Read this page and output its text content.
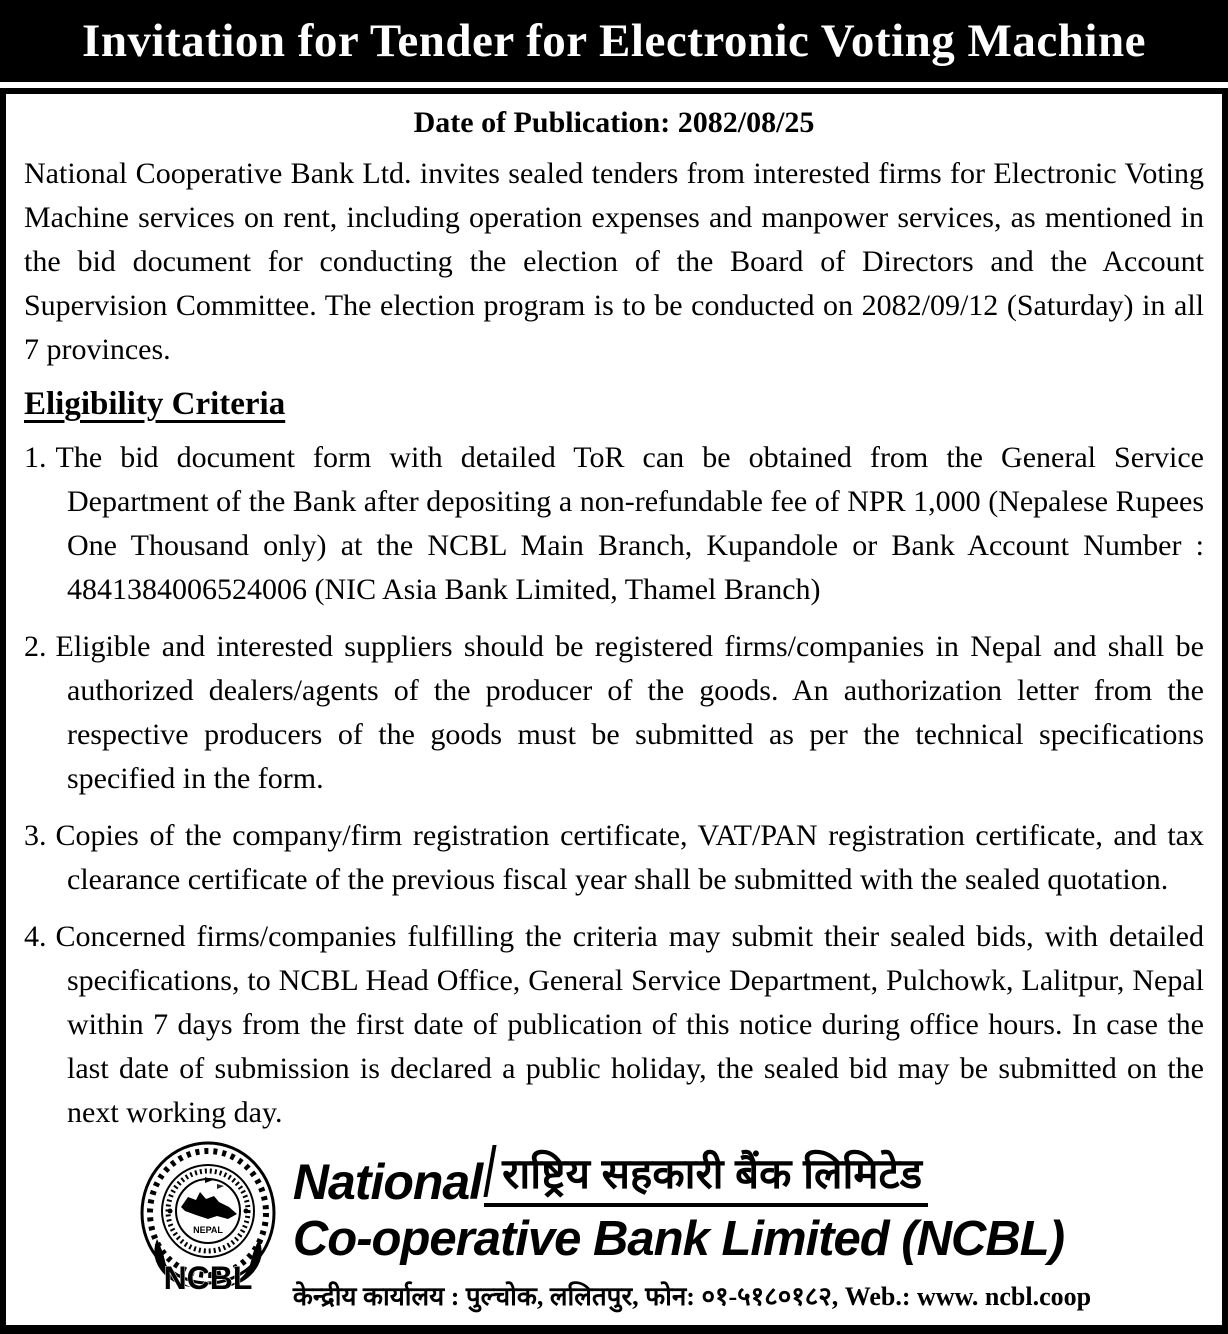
Invitation for Tender for Electronic Voting Machine

Date of Publication: 2082/08/25

National Cooperative Bank Ltd. invites sealed tenders from interested firms for Electronic Voting Machine services on rent, including operation expenses and manpower services, as mentioned in the bid document for conducting the election of the Board of Directors and the Account Supervision Committee. The election program is to be conducted on 2082/09/12 (Saturday) in all 7 provinces.

Eligibility Criteria

1. The bid document form with detailed ToR can be obtained from the General Service Department of the Bank after depositing a non-refundable fee of NPR 1,000 (Nepalese Rupees One Thousand only) at the NCBL Main Branch, Kupandole or Bank Account Number : 4841384006524006 (NIC Asia Bank Limited, Thamel Branch)

2. Eligible and interested suppliers should be registered firms/companies in Nepal and shall be authorized dealers/agents of the producer of the goods. An authorization letter from the respective producers of the goods must be submitted as per the technical specifications specified in the form.

3. Copies of the company/firm registration certificate, VAT/PAN registration certificate, and tax clearance certificate of the previous fiscal year shall be submitted with the sealed quotation.

4. Concerned firms/companies fulfilling the criteria may submit their sealed bids, with detailed specifications, to NCBL Head Office, General Service Department, Pulchowk, Lalitpur, Nepal within 7 days from the first date of publication of this notice during office hours. In case the last date of submission is declared a public holiday, the sealed bid may be submitted on the next working day.

NEPAL
NCBL
National राष्ट्रिय सहकारी बैंक लिमिटेड
Co-operative Bank Limited (NCBL)
केन्द्रीय कार्यालय : पुल्चोक, ललितपुर, फोन: ०१-५१८०१८२, Web.: www. ncbl.coop
